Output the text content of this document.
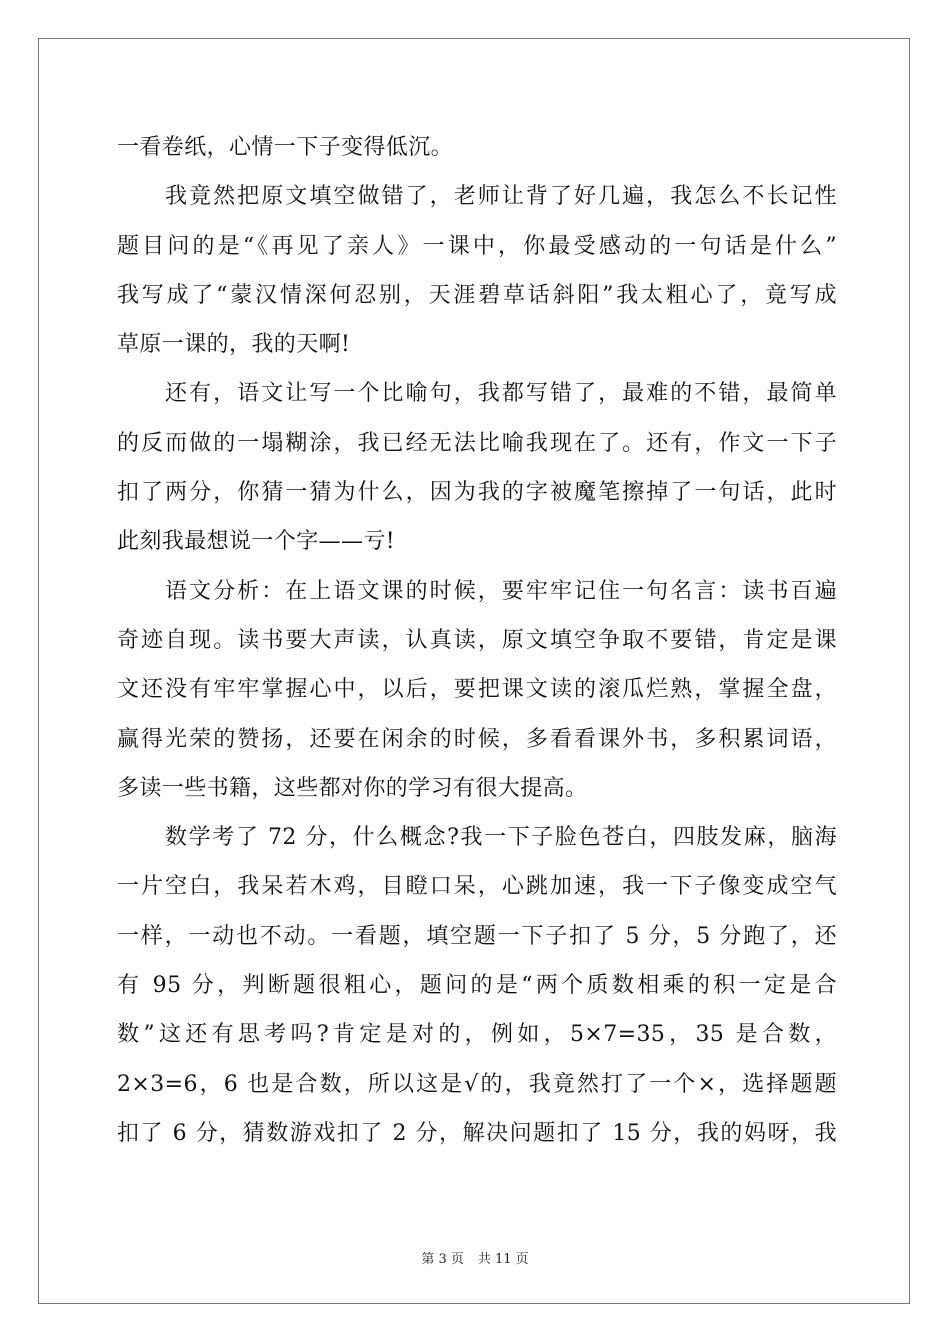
一看卷纸，心情一下子变得低沉。
我竟然把原文填空做错了，老师让背了好几遍，我怎么不长记性
题目问的是“《再见了亲人》一课中，你最受感动的一句话是什么”
我写成了“蒙汉情深何忍别，天涯碧草话斜阳”我太粗心了，竟写成
草原一课的，我的天啊!
还有，语文让写一个比喻句，我都写错了，最难的不错，最简单
的反而做的一塌糊涂，我已经无法比喻我现在了。还有，作文一下子
扣了两分，你猜一猜为什么，因为我的字被魔笔擦掉了一句话，此时
此刻我最想说一个字——亏!
语文分析：在上语文课的时候，要牢牢记住一句名言：读书百遍
奇迹自现。读书要大声读，认真读，原文填空争取不要错，肯定是课
文还没有牢牢掌握心中，以后，要把课文读的滚瓜烂熟，掌握全盘，
赢得光荣的赞扬，还要在闲余的时候，多看看课外书，多积累词语，
多读一些书籍，这些都对你的学习有很大提高。
数学考了 72 分，什么概念?我一下子脸色苍白，四肢发麻，脑海
一片空白，我呆若木鸡，目瞪口呆，心跳加速，我一下子像变成空气
一样，一动也不动。一看题，填空题一下子扣了 5 分，5 分跑了，还
有 95 分，判断题很粗心，题问的是“两个质数相乘的积一定是合
数”这还有思考吗?肯定是对的，例如，5×7=35，35 是合数，
2×3=6，6 也是合数，所以这是√的，我竟然打了一个×，选择题题
扣了 6 分，猜数游戏扣了 2 分，解决问题扣了 15 分，我的妈呀，我
第 3 页 共 11 页
